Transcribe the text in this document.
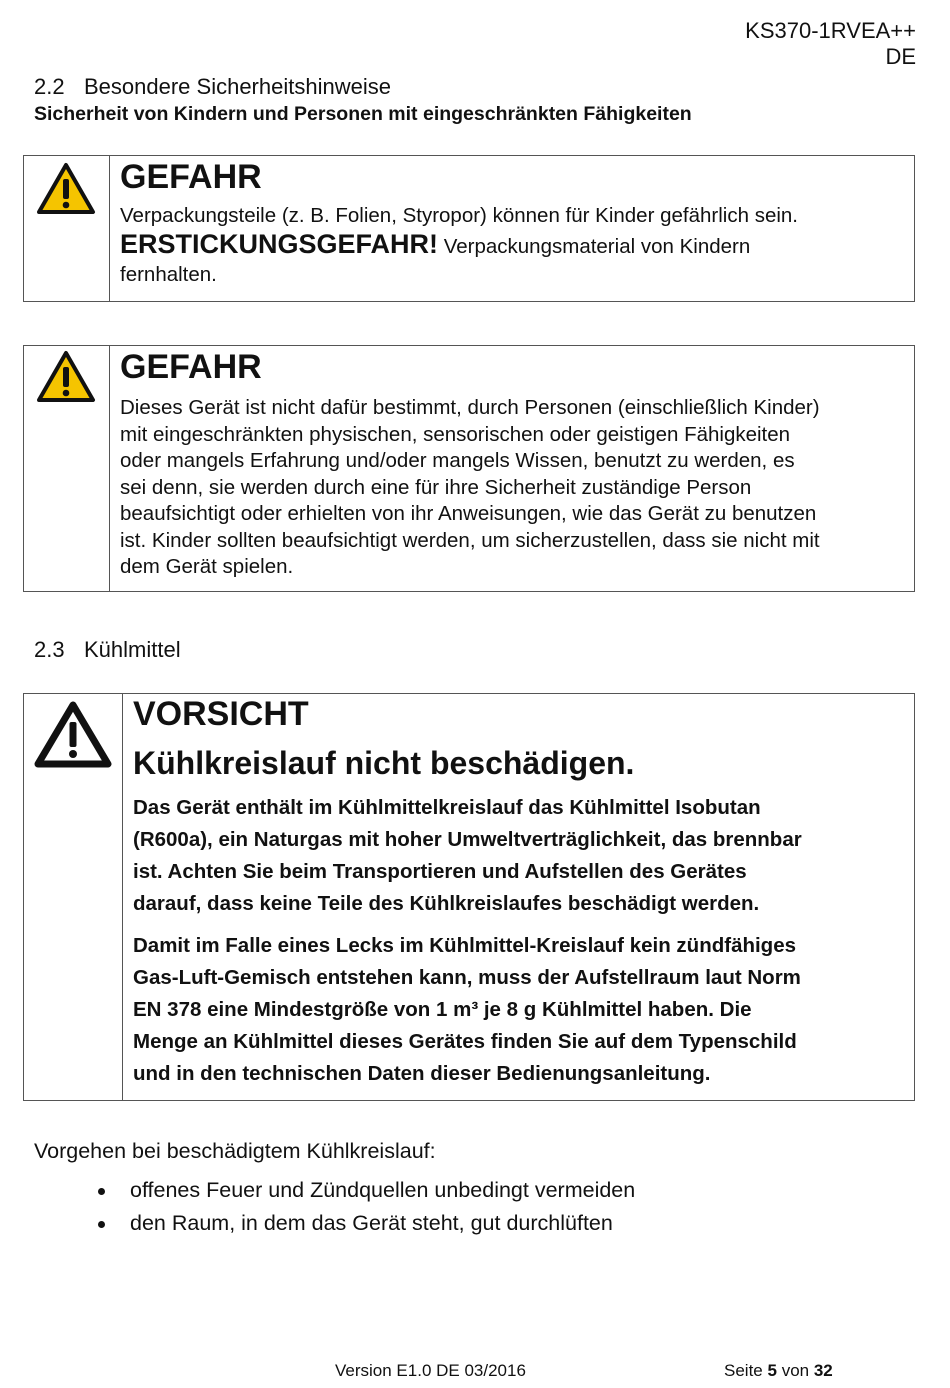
KS370-1RVEA++
DE
2.2 Besondere Sicherheitshinweise
Sicherheit von Kindern und Personen mit eingeschränkten Fähigkeiten

GEFAHR

Verpackungsteile (z. B. Folien, Styropor) können für Kinder gefährlich sein.
ERSTICKUNGSGEFAHR! Verpackungsmaterial von Kindern
fernhalten.

GEFAHR

Dieses Gerät ist nicht dafür bestimmt, durch Personen (einschließlich Kinder)
mit eingeschränkten physischen, sensorischen oder geistigen Fähigkeiten
oder mangels Erfahrung und/oder mangels Wissen, benutzt zu werden, es
sei denn, sie werden durch eine für ihre Sicherheit zuständige Person
beaufsichtigt oder erhielten von ihr Anweisungen, wie das Gerät zu benutzen
ist. Kinder sollten beaufsichtigt werden, um sicherzustellen, dass sie nicht mit
dem Gerät spielen.

2.3 Kühlmittel

VORSICHT

Kühlkreislauf nicht beschädigen.

Das Gerät enthält im Kühlmittelkreislauf das Kühlmittel Isobutan
(R600a), ein Naturgas mit hoher Umweltverträglichkeit, das brennbar
ist. Achten Sie beim Transportieren und Aufstellen des Gerätes
darauf, dass keine Teile des Kühlkreislaufes beschädigt werden.

Damit im Falle eines Lecks im Kühlmittel-Kreislauf kein zündfähiges
Gas-Luft-Gemisch entstehen kann, muss der Aufstellraum laut Norm
EN 378 eine Mindestgröße von 1 m³ je 8 g Kühlmittel haben. Die
Menge an Kühlmittel dieses Gerätes finden Sie auf dem Typenschild
und in den technischen Daten dieser Bedienungsanleitung.

Vorgehen bei beschädigtem Kühlkreislauf:
offenes Feuer und Zündquellen unbedingt vermeiden
den Raum, in dem das Gerät steht, gut durchlüften
Version E1.0 DE 03/2016	Seite 5 von 32
